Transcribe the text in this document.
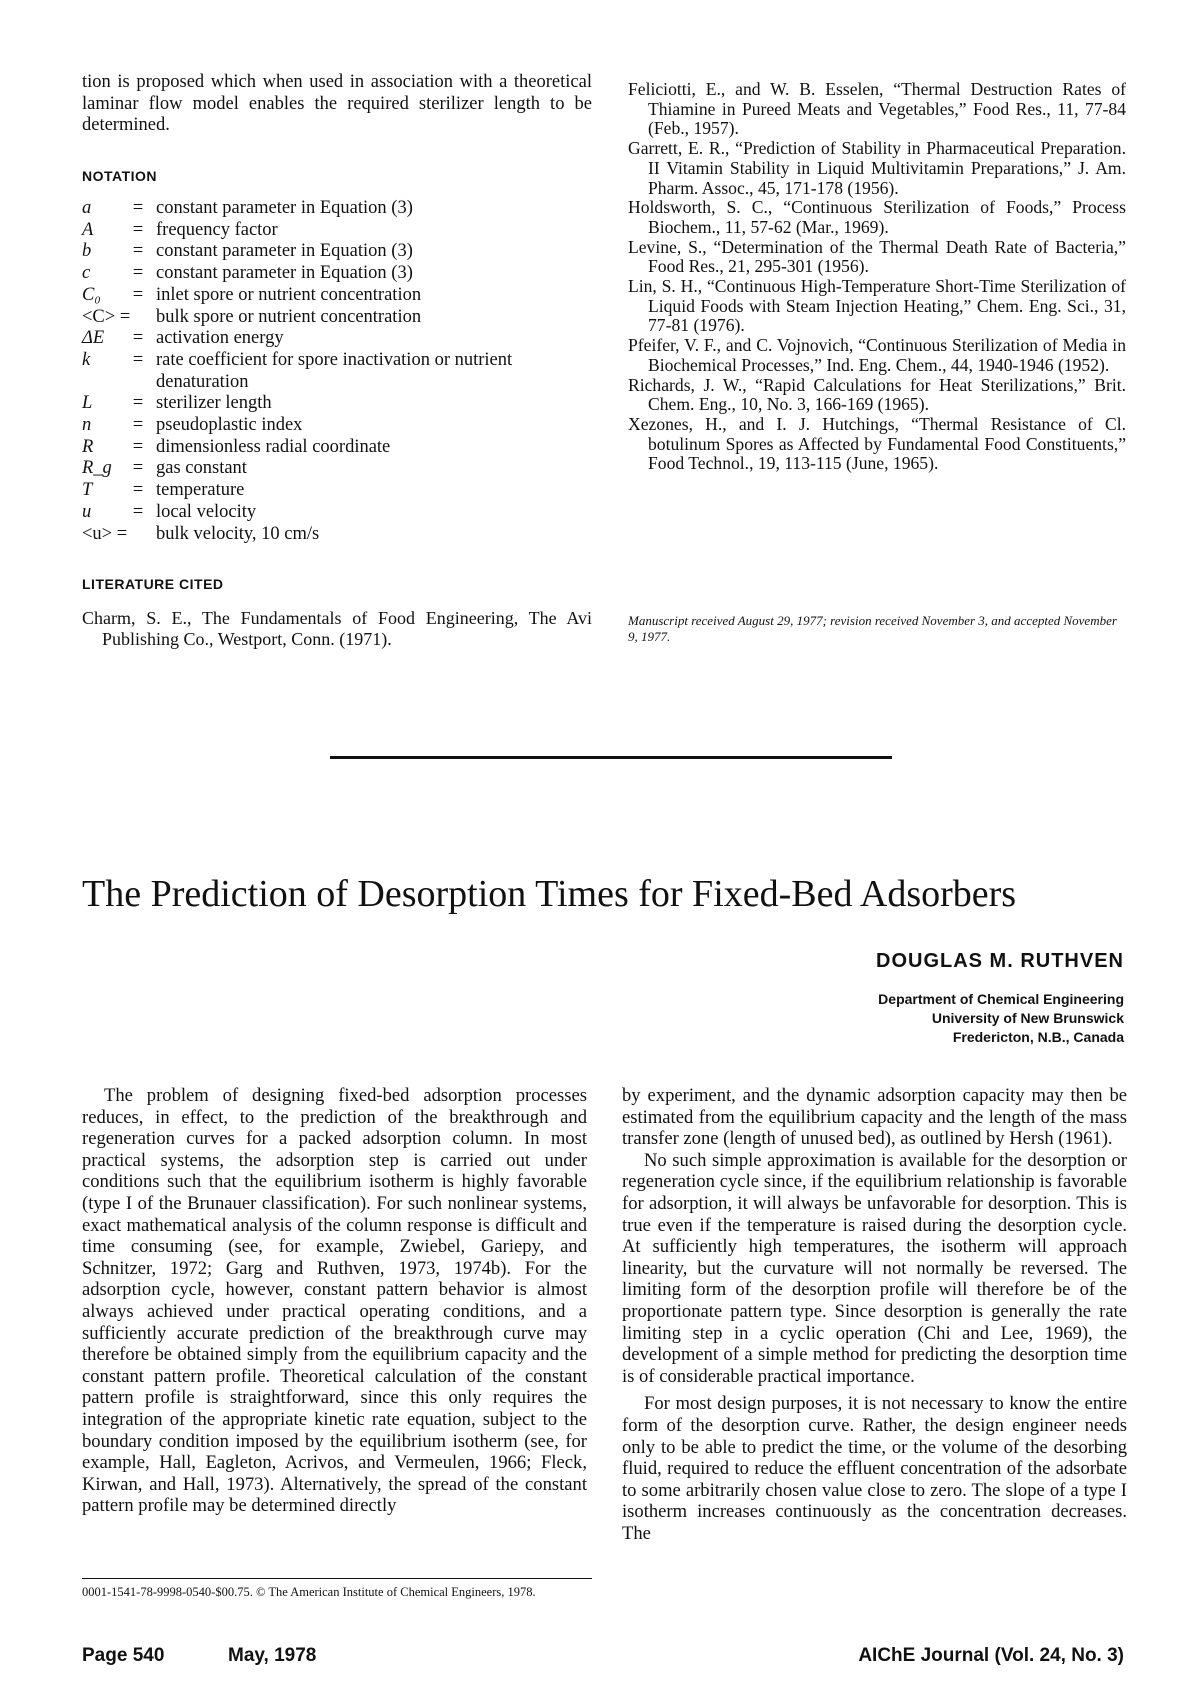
tion is proposed which when used in association with a theoretical laminar flow model enables the required sterilizer length to be determined.

NOTATION
a	= constant parameter in Equation (3)
A	= frequency factor
b	= constant parameter in Equation (3)
c	= constant parameter in Equation (3)
C₀	= inlet spore or nutrient concentration
<C> =	bulk spore or nutrient concentration
ΔE	= activation energy
k	= rate coefficient for spore inactivation or nutrient denaturation
L	= sterilizer length
n	= pseudoplastic index
R	= dimensionless radial coordinate
R_g	= gas constant
T	= temperature
u	= local velocity
<u> =	bulk velocity, 10 cm/s
LITERATURE CITED

Charm, S. E., The Fundamentals of Food Engineering, The Avi Publishing Co., Westport, Conn. (1971).

Feliciotti, E., and W. B. Esselen, “Thermal Destruction Rates of Thiamine in Pureed Meats and Vegetables,” Food Res., 11, 77-84 (Feb., 1957).

Garrett, E. R., “Prediction of Stability in Pharmaceutical Preparation. II Vitamin Stability in Liquid Multivitamin Preparations,” J. Am. Pharm. Assoc., 45, 171-178 (1956).

Holdsworth, S. C., “Continuous Sterilization of Foods,” Process Biochem., 11, 57-62 (Mar., 1969).

Levine, S., “Determination of the Thermal Death Rate of Bacteria,” Food Res., 21, 295-301 (1956).

Lin, S. H., “Continuous High-Temperature Short-Time Sterilization of Liquid Foods with Steam Injection Heating,” Chem. Eng. Sci., 31, 77-81 (1976).

Pfeifer, V. F., and C. Vojnovich, “Continuous Sterilization of Media in Biochemical Processes,” Ind. Eng. Chem., 44, 1940-1946 (1952).

Richards, J. W., “Rapid Calculations for Heat Sterilizations,” Brit. Chem. Eng., 10, No. 3, 166-169 (1965).

Xezones, H., and I. J. Hutchings, “Thermal Resistance of Cl. botulinum Spores as Affected by Fundamental Food Constituents,” Food Technol., 19, 113-115 (June, 1965).

Manuscript received August 29, 1977; revision received November 3, and accepted November 9, 1977.

The Prediction of Desorption Times for Fixed-Bed Adsorbers
DOUGLAS M. RUTHVEN
Department of Chemical Engineering
University of New Brunswick
Fredericton, N.B., Canada

The problem of designing fixed-bed adsorption processes reduces, in effect, to the prediction of the breakthrough and regeneration curves for a packed adsorption column. In most practical systems, the adsorption step is carried out under conditions such that the equilibrium isotherm is highly favorable (type I of the Brunauer classification). For such nonlinear systems, exact mathematical analysis of the column response is difficult and time consuming (see, for example, Zwiebel, Gariepy, and Schnitzer, 1972; Garg and Ruthven, 1973, 1974b). For the adsorption cycle, however, constant pattern behavior is almost always achieved under practical operating conditions, and a sufficiently accurate prediction of the breakthrough curve may therefore be obtained simply from the equilibrium capacity and the constant pattern profile. Theoretical calculation of the constant pattern profile is straightforward, since this only requires the integration of the appropriate kinetic rate equation, subject to the boundary condition imposed by the equilibrium isotherm (see, for example, Hall, Eagleton, Acrivos, and Vermeulen, 1966; Fleck, Kirwan, and Hall, 1973). Alternatively, the spread of the constant pattern profile may be determined directly

by experiment, and the dynamic adsorption capacity may then be estimated from the equilibrium capacity and the length of the mass transfer zone (length of unused bed), as outlined by Hersh (1961).

No such simple approximation is available for the desorption or regeneration cycle since, if the equilibrium relationship is favorable for adsorption, it will always be unfavorable for desorption. This is true even if the temperature is raised during the desorption cycle. At sufficiently high temperatures, the isotherm will approach linearity, but the curvature will not normally be reversed. The limiting form of the desorption profile will therefore be of the proportionate pattern type. Since desorption is generally the rate limiting step in a cyclic operation (Chi and Lee, 1969), the development of a simple method for predicting the desorption time is of considerable practical importance.

For most design purposes, it is not necessary to know the entire form of the desorption curve. Rather, the design engineer needs only to be able to predict the time, or the volume of the desorbing fluid, required to reduce the effluent concentration of the adsorbate to some arbitrarily chosen value close to zero. The slope of a type I isotherm increases continuously as the concentration decreases. The

0001-1541-78-9998-0540-$00.75. © The American Institute of Chemical Engineers, 1978.

Page 540	May, 1978	AIChE Journal (Vol. 24, No. 3)
